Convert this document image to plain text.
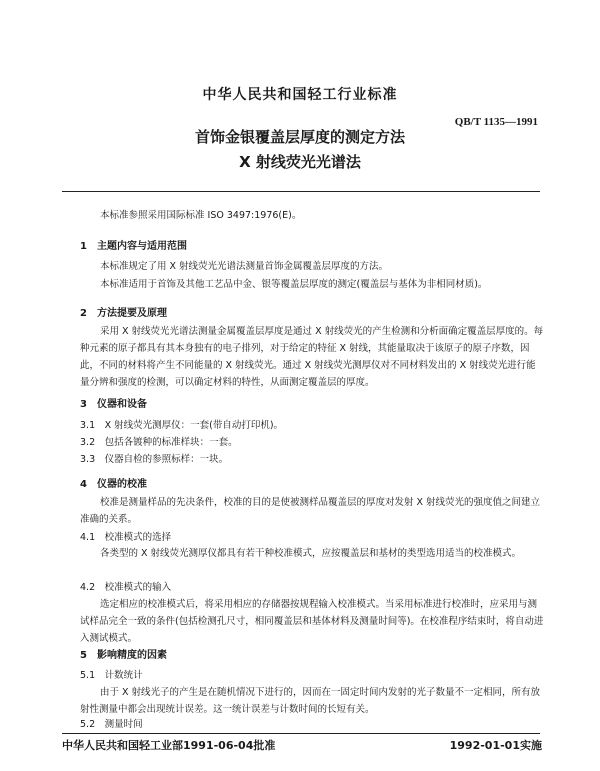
中华人民共和国轻工行业标准
QB/T 1135—1991
首饰金银覆盖层厚度的测定方法
X 射线荧光光谱法
本标准参照采用国际标准 ISO 3497:1976(E)。
1　主题内容与适用范围
本标准规定了用 X 射线荧光光谱法测量首饰金属覆盖层厚度的方法。
本标准适用于首饰及其他工艺品中金、银等覆盖层厚度的测定(覆盖层与基体为非相同材质)。
2　方法提要及原理
采用 X 射线荧光光谱法测量金属覆盖层厚度是通过 X 射线荧光的产生检测和分析面确定覆盖层厚度的。每种元素的原子都具有其本身独有的电子排列，对于给定的特征 X 射线，其能量取决于该原子的原子序数，因此，不同的材料将产生不同能量的 X 射线荧光。通过 X 射线荧光测厚仪对不同材料发出的 X 射线荧光进行能量分辨和强度的检测，可以确定材料的特性，从面测定覆盖层的厚度。
3　仪器和设备
3.1　X 射线荧光测厚仪：一套(带自动打印机)。
3.2　包括各镀种的标准样块：一套。
3.3　仪器自检的参照标样：一块。
4　仪器的校准
校准是测量样品的先决条件，校准的目的是使被测样品覆盖层的厚度对发射 X 射线荧光的强度值之间建立准确的关系。
4.1　校准模式的选择
各类型的 X 射线荧光测厚仪都具有若干种校准模式，应按覆盖层和基材的类型选用适当的校准模式。
4.2　校准模式的输入
选定相应的校准模式后，将采用相应的存储器按规程输入校准模式。当采用标准进行校准时，应采用与测试样品完全一致的条件(包括检测孔尺寸，相同覆盖层和基体材料及测量时间等)。在校准程序结束时，将自动进入测试模式。
5　影响精度的因素
5.1　计数统计
由于 X 射线光子的产生是在随机情况下进行的，因而在一固定时间内发射的光子数量不一定相同，所有放射性测量中都会出现统计误差。这一统计误差与计数时间的长短有关。
5.2　测量时间
中华人民共和国轻工业部1991-06-04批准	1992-01-01实施
